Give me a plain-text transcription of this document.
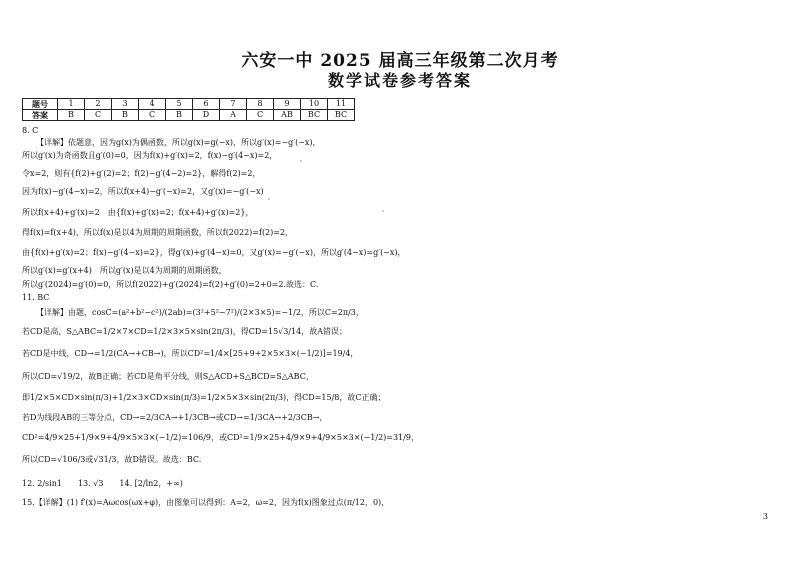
六安一中 2025 届高三年级第二次月考
数学试卷参考答案
题号	1	2	3	4	5	6	7	8	9	10	11
答案	B	C	B	C	B	D	A	C	AB	BC	BC
8. C
【详解】依题意，因为g(x)为偶函数，所以g(x)=g(−x)，所以g′(x)=−g′(−x)，
所以g′(x)为奇函数且g′(0)=0，因为f(x)+g′(x)=2，f(x)−g′(4−x)=2，
令x=2，则有{f(2)+g′(2)=2；f(2)−g′(4−2)=2}，解得f(2)=2，
因为f(x)−g′(4−x)=2，所以f(x+4)−g′(−x)=2，又g′(x)=−g′(−x)
所以f(x+4)+g′(x)=2　由{f(x)+g′(x)=2；f(x+4)+g′(x)=2}，
得f(x)=f(x+4)，所以f(x)是以4为周期的周期函数，所以f(2022)=f(2)=2，
由{f(x)+g′(x)=2；f(x)−g′(4−x)=2}，得g′(x)+g′(4−x)=0，又g′(x)=−g′(−x)，所以g′(4−x)=g′(−x)，
所以g′(x)=g′(x+4)　所以g′(x)是以4为周期的周期函数，
所以g′(2024)=g′(0)=0，所以f(2022)+g′(2024)=f(2)+g′(0)=2+0=2.故选：C.
11. BC
【详解】由题，cosC=(a²+b²−c²)/(2ab)=(3²+5²−7²)/(2×3×5)=−1/2，所以C=2π/3，
若CD是高，S△ABC=1/2×7×CD=1/2×3×5×sin(2π/3)，得CD=15√3/14，故A错误；
若CD是中线，CD→=1/2(CA→+CB→)，所以CD²=1/4×[25+9+2×5×3×(−1/2)]=19/4，
所以CD=√19/2，故B正确；若CD是角平分线，则S△ACD+S△BCD=S△ABC，
即1/2×5×CD×sin(π/3)+1/2×3×CD×sin(π/3)=1/2×5×3×sin(2π/3)，得CD=15/8，故C正确；
若D为线段AB的三等分点，CD→=2/3CA→+1/3CB→或CD→=1/3CA→+2/3CB→，
CD²=4/9×25+1/9×9+4/9×5×3×(−1/2)=106/9，或CD²=1/9×25+4/9×9+4/9×5×3×(−1/2)=31/9，
所以CD=√106/3或√31/3，故D错误。故选：BC.
12. 2/sin1　　13. √3　　14. [2/ln2，+∞)
15.【详解】(1) f′(x)=Aωcos(ωx+φ)，由图象可以得到：A=2，ω=2，因为f(x)图象过点(π/12，0)，
3
